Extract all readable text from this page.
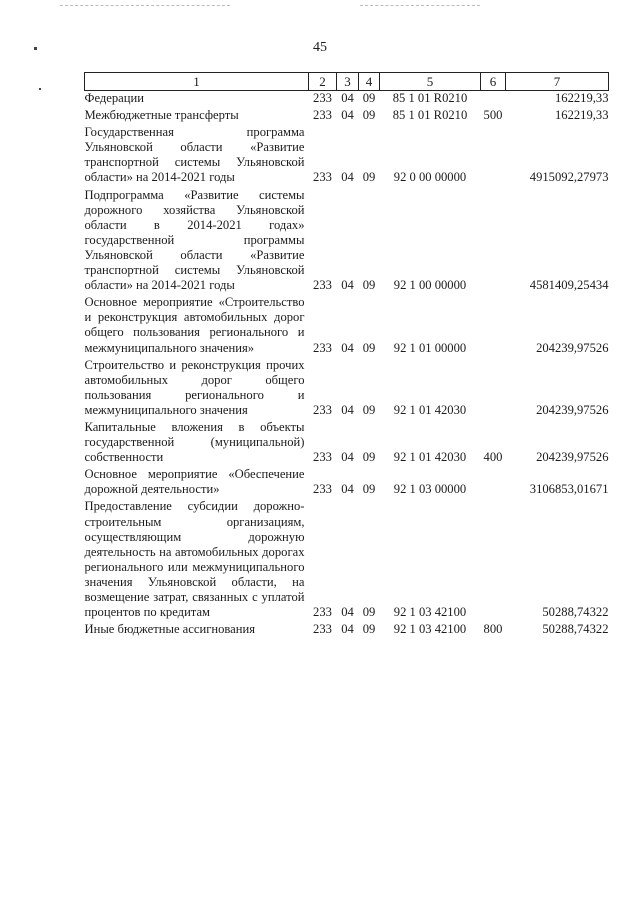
45
1	2	3	4	5	6	7
Федерации	233	04	09	85 1 01 R0210		162219,33
Межбюджетные трансферты	233	04	09	85 1 01 R0210	500	162219,33
Государственная программа Ульяновской области «Развитие транспортной системы Ульяновской области» на 2014-2021 годы	233	04	09	92 0 00 00000		4915092,27973
Подпрограмма «Развитие системы дорожного хозяйства Ульяновской области в 2014-2021 годах» государственной программы Ульяновской области «Развитие транспортной системы Ульяновской области» на 2014-2021 годы	233	04	09	92 1 00 00000		4581409,25434
Основное мероприятие «Строительство и реконструкция автомобильных дорог общего пользования регионального и межмуниципального значения»	233	04	09	92 1 01 00000		204239,97526
Строительство и реконструкция прочих автомобильных дорог общего пользования регионального и межмуниципального значения	233	04	09	92 1 01 42030		204239,97526
Капитальные вложения в объекты государственной (муниципальной) собственности	233	04	09	92 1 01 42030	400	204239,97526
Основное мероприятие «Обеспечение дорожной деятельности»	233	04	09	92 1 03 00000		3106853,01671
Предоставление субсидии дорожно-строительным организациям, осуществляющим дорожную деятельность на автомобильных дорогах регионального или межмуниципального значения Ульяновской области, на возмещение затрат, связанных с уплатой процентов по кредитам	233	04	09	92 1 03 42100		50288,74322
Иные бюджетные ассигнования	233	04	09	92 1 03 42100	800	50288,74322
